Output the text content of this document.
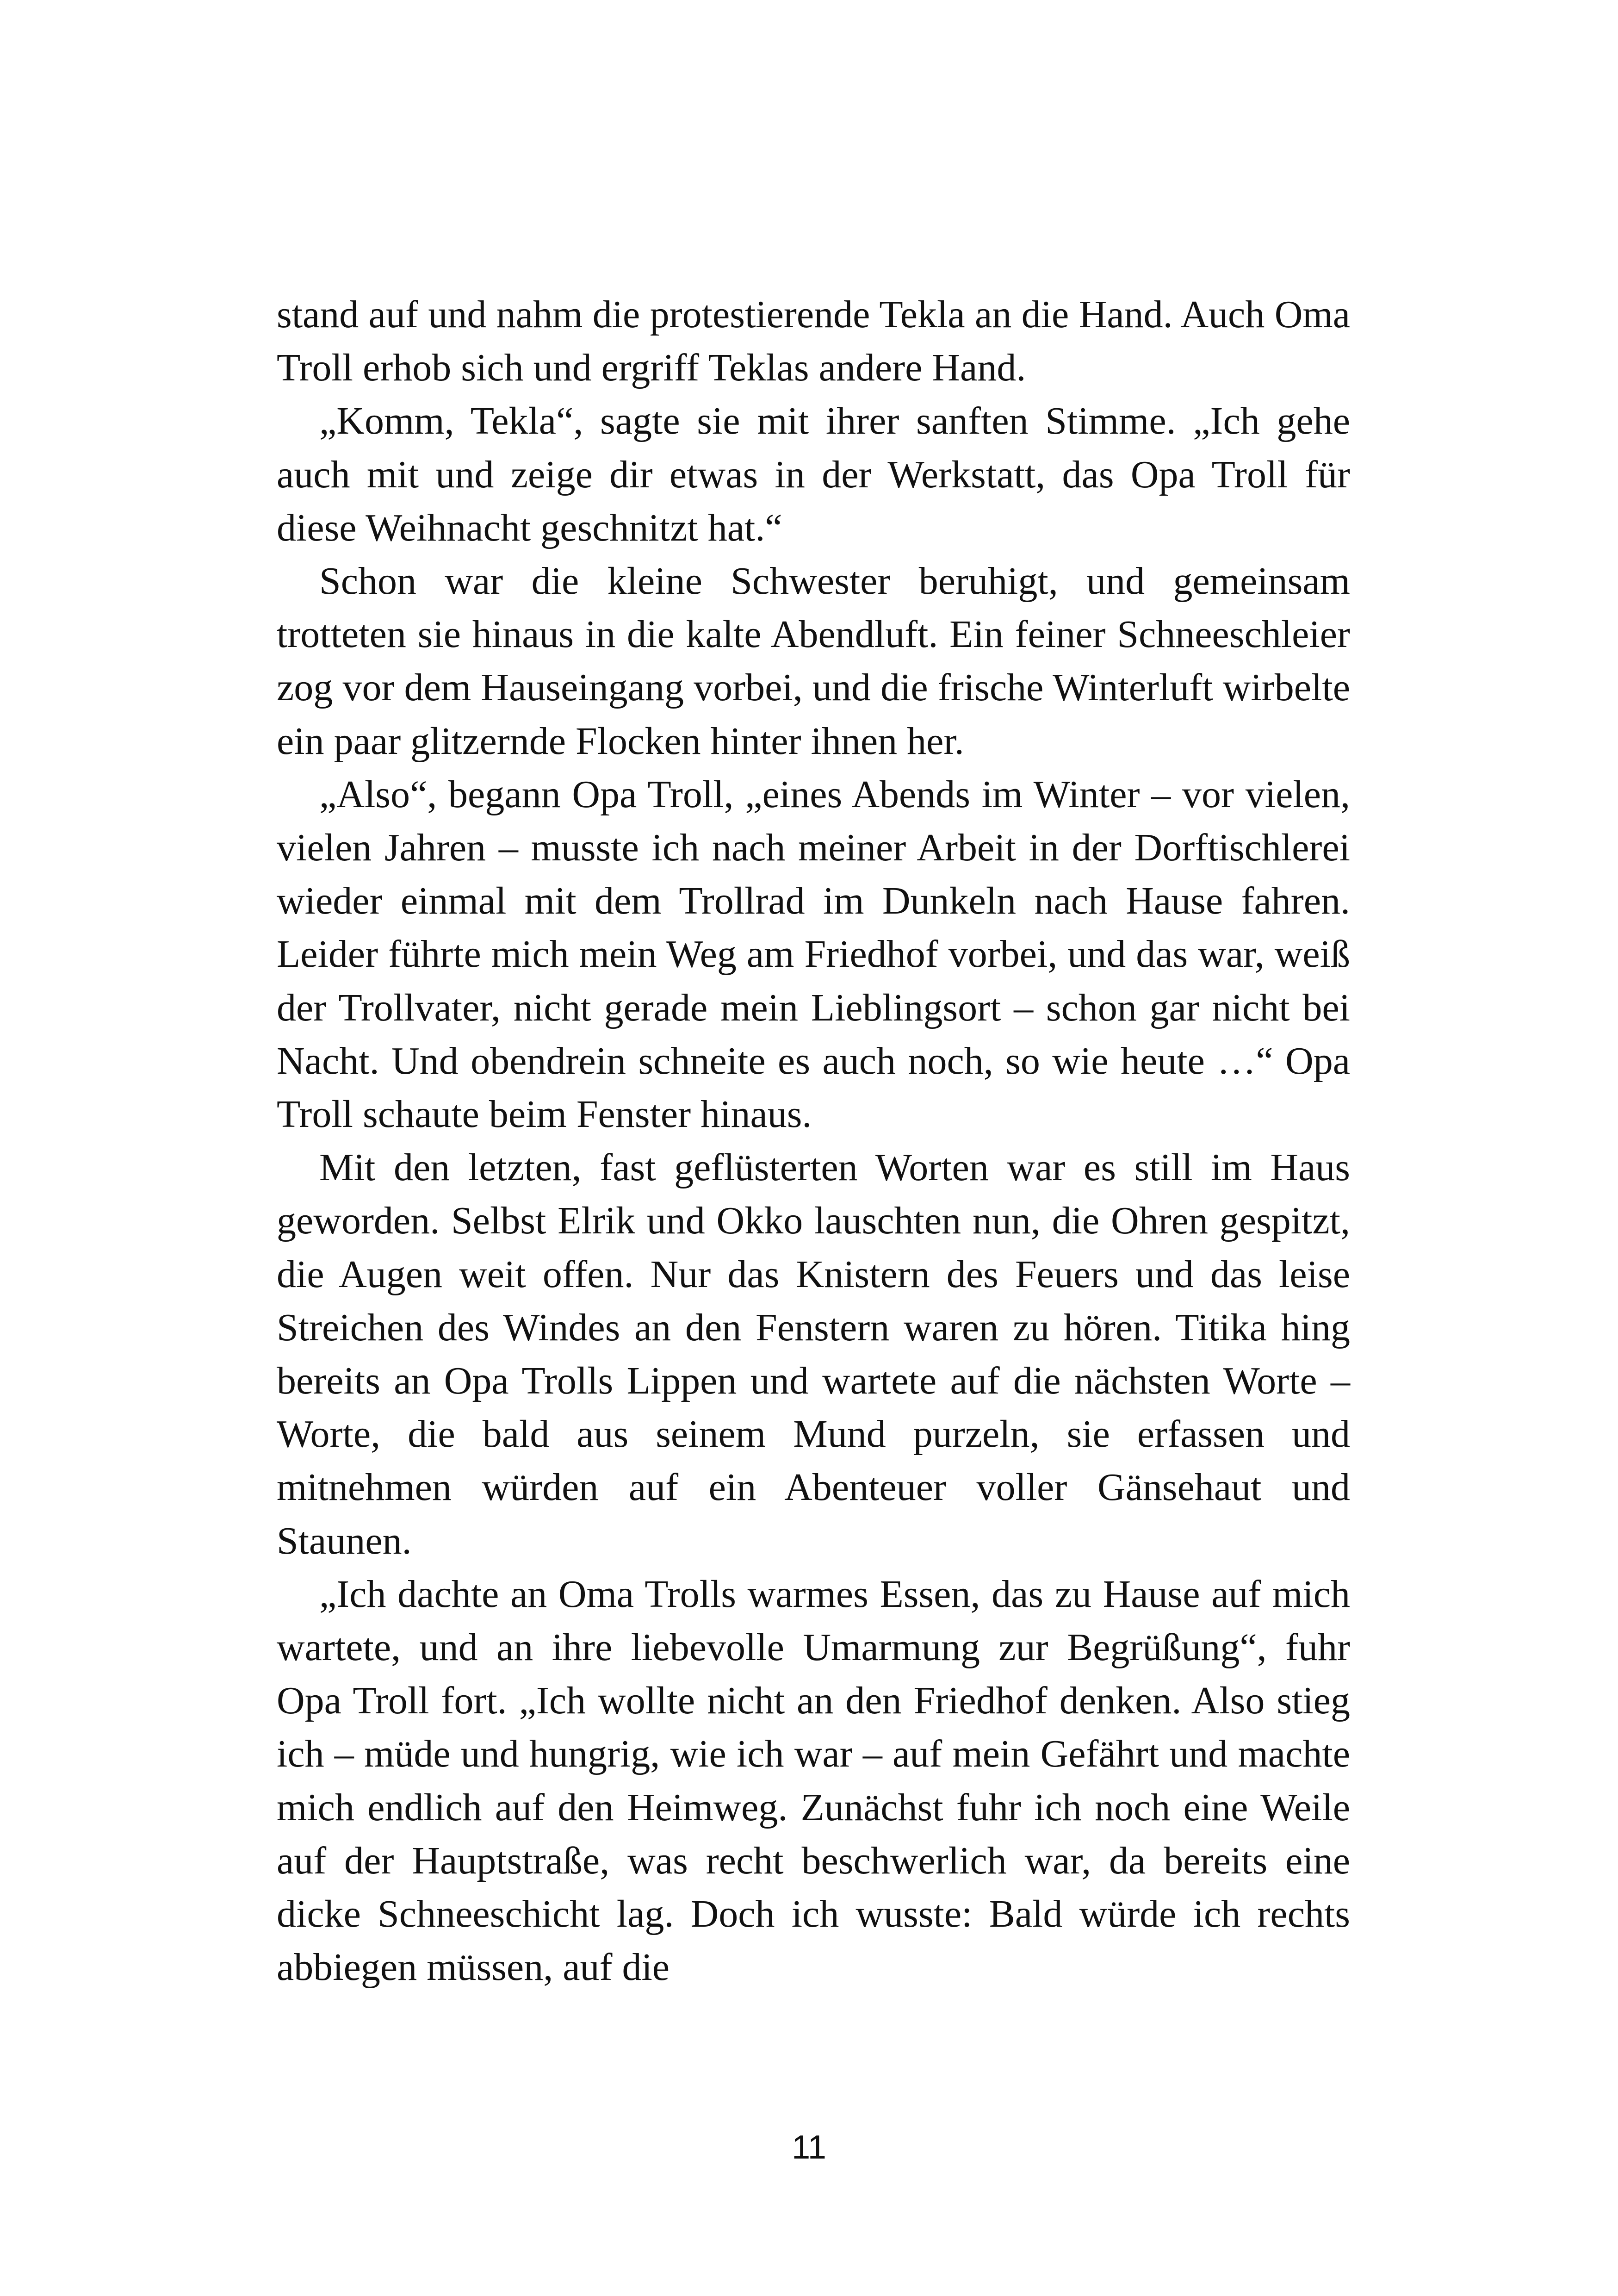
stand auf und nahm die protestierende Tekla an die Hand. Auch Oma Troll erhob sich und ergriff Teklas andere Hand.

„Komm, Tekla“, sagte sie mit ihrer sanften Stimme. „Ich gehe auch mit und zeige dir etwas in der Werkstatt, das Opa Troll für diese Weihnacht geschnitzt hat.“

Schon war die kleine Schwester beruhigt, und gemeinsam trotteten sie hinaus in die kalte Abendluft. Ein feiner Schneeschleier zog vor dem Hauseingang vorbei, und die frische Winterluft wirbelte ein paar glitzernde Flocken hinter ihnen her.

„Also“, begann Opa Troll, „eines Abends im Winter – vor vielen, vielen Jahren – musste ich nach meiner Arbeit in der Dorftischlerei wieder einmal mit dem Trollrad im Dunkeln nach Hause fahren. Leider führte mich mein Weg am Friedhof vorbei, und das war, weiß der Trollvater, nicht gerade mein Lieblingsort – schon gar nicht bei Nacht. Und obendrein schneite es auch noch, so wie heute …“ Opa Troll schaute beim Fenster hinaus.

Mit den letzten, fast geflüsterten Worten war es still im Haus geworden. Selbst Elrik und Okko lauschten nun, die Ohren gespitzt, die Augen weit offen. Nur das Knistern des Feuers und das leise Streichen des Windes an den Fenstern waren zu hören. Titika hing bereits an Opa Trolls Lippen und wartete auf die nächsten Worte – Worte, die bald aus seinem Mund purzeln, sie erfassen und mitnehmen würden auf ein Abenteuer voller Gänsehaut und Staunen.

„Ich dachte an Oma Trolls warmes Essen, das zu Hause auf mich wartete, und an ihre liebevolle Umarmung zur Begrüßung“, fuhr Opa Troll fort. „Ich wollte nicht an den Friedhof denken. Also stieg ich – müde und hungrig, wie ich war – auf mein Gefährt und machte mich endlich auf den Heimweg. Zunächst fuhr ich noch eine Weile auf der Hauptstraße, was recht beschwerlich war, da bereits eine dicke Schneeschicht lag. Doch ich wusste: Bald würde ich rechts abbiegen müssen, auf die

11
